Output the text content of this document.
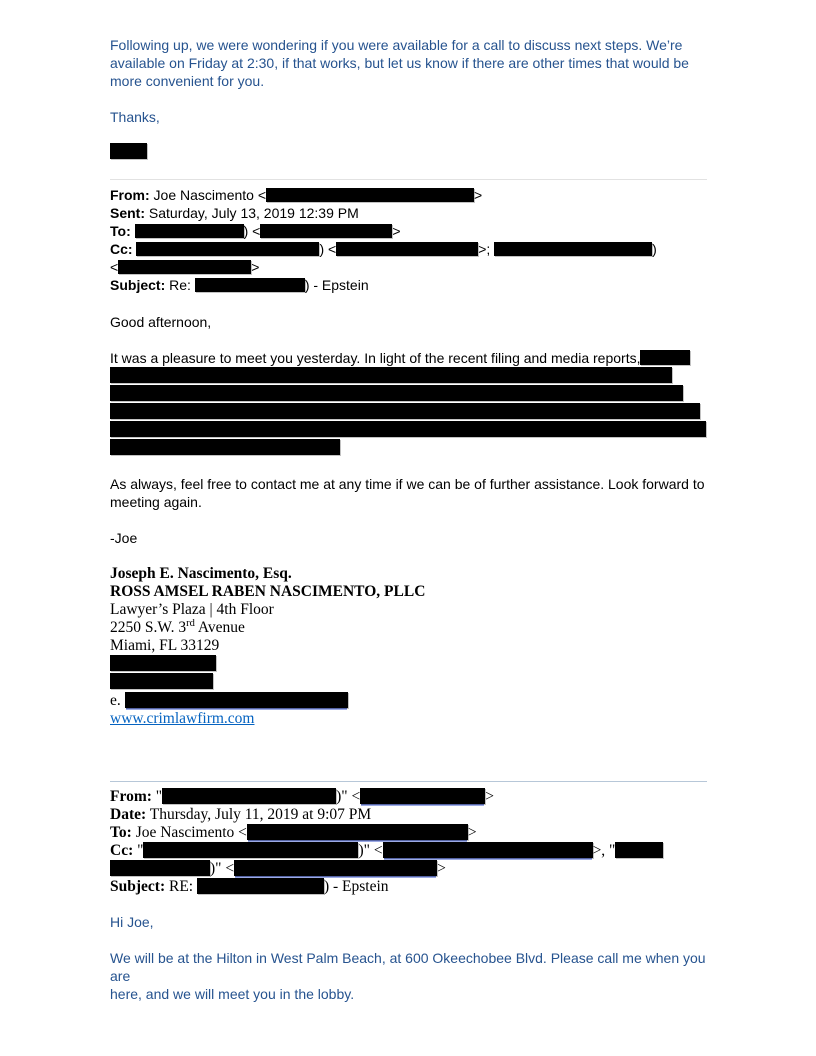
Following up, we were wondering if you were available for a call to discuss next steps. We’re
available on Friday at 2:30, if that works, but let us know if there are other times that would be
more convenient for you.
Thanks,
From: Joe Nascimento <	>
Sent: Saturday, July 13, 2019 12:39 PM
To:	) <	>
Cc:	) <	>;	)
<	>
Subject: Re:	) - Epstein
Good afternoon,
It was a pleasure to meet you yesterday. In light of the recent filing and media reports,
As always, feel free to contact me at any time if we can be of further assistance. Look forward to
meeting again.
-Joe
Joseph E. Nascimento, Esq.
ROSS AMSEL RABEN NASCIMENTO, PLLC
Lawyer’s Plaza | 4th Floor
2250 S.W. 3rd Avenue
Miami, FL 33129
e.
www.crimlawfirm.com
From: "	)" <	>
Date: Thursday, July 11, 2019 at 9:07 PM
To: Joe Nascimento <	>
Cc: "	)" <	>, "
)" <	>
Subject: RE:	) - Epstein
Hi Joe,
We will be at the Hilton in West Palm Beach, at 600 Okeechobee Blvd. Please call me when you are
here, and we will meet you in the lobby.
